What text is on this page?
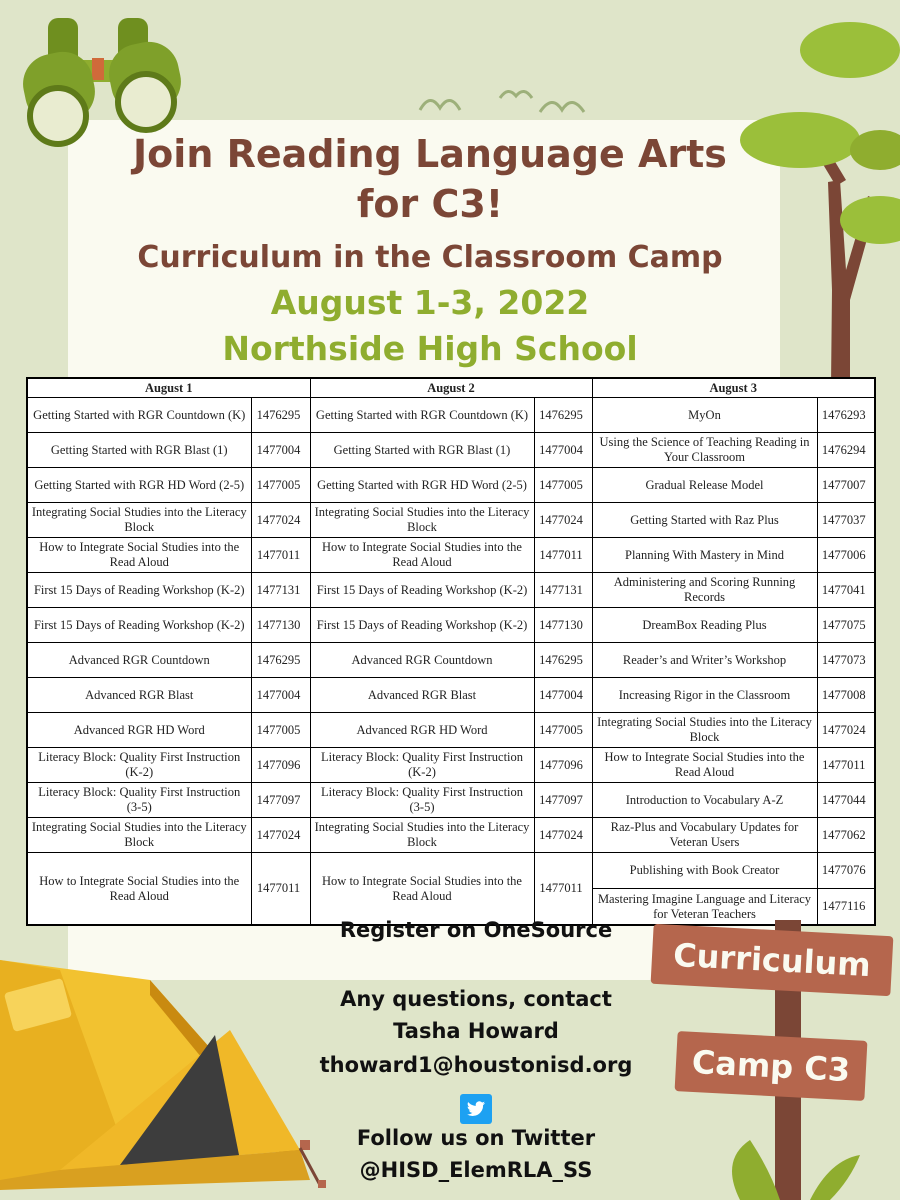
Join Reading Language Arts
for C3!
Curriculum in the Classroom Camp
August 1-3, 2022
Northside High School
August 1		August 2		August 3	
Getting Started with RGR Countdown (K)	1476295	Getting Started with RGR Countdown (K)	1476295	MyOn	1476293
Getting Started with RGR Blast (1)	1477004	Getting Started with RGR Blast (1)	1477004	Using the Science of Teaching Reading in Your Classroom	1476294
Getting Started with RGR HD Word (2-5)	1477005	Getting Started with RGR HD Word (2-5)	1477005	Gradual Release Model	1477007
Integrating Social Studies into the Literacy Block	1477024	Integrating Social Studies into the Literacy Block	1477024	Getting Started with Raz Plus	1477037
How to Integrate Social Studies into the Read Aloud	1477011	How to Integrate Social Studies into the Read Aloud	1477011	Planning With Mastery in Mind	1477006
First 15 Days of Reading Workshop (K-2)	1477131	First 15 Days of Reading Workshop (K-2)	1477131	Administering and Scoring Running Records	1477041
First 15 Days of Reading Workshop (K-2)	1477130	First 15 Days of Reading Workshop (K-2)	1477130	DreamBox Reading Plus	1477075
Advanced RGR Countdown	1476295	Advanced RGR Countdown	1476295	Reader’s and Writer’s Workshop	1477073
Advanced RGR Blast	1477004	Advanced RGR Blast	1477004	Increasing Rigor in the Classroom	1477008
Advanced RGR HD Word	1477005	Advanced RGR HD Word	1477005	Integrating Social Studies into the Literacy Block	1477024
Literacy Block: Quality First Instruction (K-2)	1477096	Literacy Block: Quality First Instruction (K-2)	1477096	How to Integrate Social Studies into the Read Aloud	1477011
Literacy Block: Quality First Instruction (3-5)	1477097	Literacy Block: Quality First Instruction (3-5)	1477097	Introduction to Vocabulary A-Z	1477044
Integrating Social Studies into the Literacy Block	1477024	Integrating Social Studies into the Literacy Block	1477024	Raz-Plus and Vocabulary Updates for Veteran Users	1477062
How to Integrate Social Studies into the Read Aloud	1477011	How to Integrate Social Studies into the Read Aloud	1477011	Publishing with Book Creator	1477076
				Mastering Imagine Language and Literacy for Veteran Teachers	1477116
Curriculum
Camp C3

Register on OneSource

Any questions, contact

Tasha Howard

thoward1@houstonisd.org

Follow us on Twitter

@HISD_ElemRLA_SS
